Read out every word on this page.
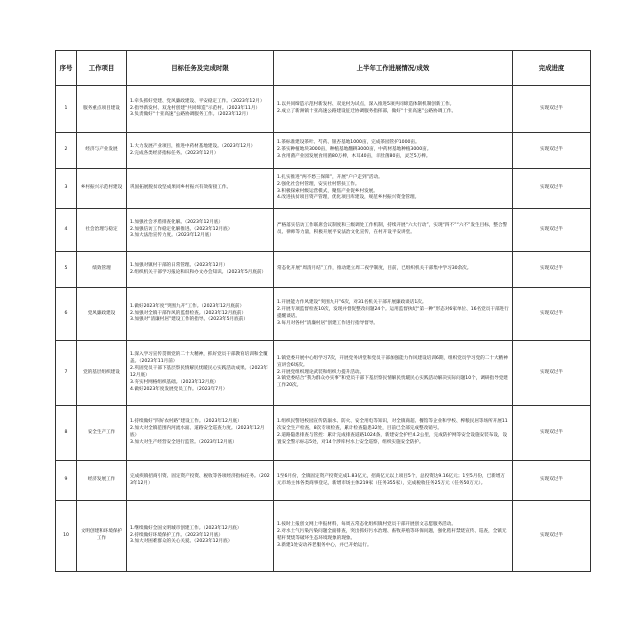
序号	工作项目	目标任务及完成时限	上半年工作进展情况/成效	完成进度
1	服务重点项目建设	1.牵头抓好党建、党风廉政建设、平安稳定工作。（2023年12月）
2.指导新发村、双龙村创建“共同缔造”示范村。（2023年11月）
3.负责做好“十亚高速”公路协调服务工作。（2023年12月）	1.以共同缔造示范村新发村、双龙村为试点，深入推进5项共同缔造体制机制创新工作。
2.成立了新洲镇十亚高速公路建设征迁协调服务指挥部，做好“十亚高速”公路协调工作。	实现双过半
2	经济与产业发展	1.大力发展产业项目，推进中药材基地建设。（2023年12月）
2.完成各类经济指标任务。（2023年12月）	1.茶标准建设茶叶、芍药、银杏基地1000亩，完成茶园管护1000亩。
2.茶实种植地块3000亩，种植基地翻耕3000亩，中药材基地种植3000亩。
3.食用菌产业园发展食用菌80万棒，木耳40亩，羊肚菌80亩，灵芝5万棒。	实现双过半
3	乡村振兴示范村建设	巩固拓展脱贫攻坚成果同乡村振兴有效衔接工作。	1.扎实推进“两不愁三保障”，开展“户户走到”活动。
2.强化社会村管理，安实社村帮扶工作。
3.积极探索村级运营模式，聚焦产业促乡村发展。
4.改进扶贫项目资产管理，优化项目库建设，规范乡村振兴资金管理。	实现双过半
4	社会治理与稳定	1.加强社会矛盾排查化解。（2023年12月底）
2.加强信访工作稳定化解推进。（2023年12月底）
3.加大法治宣传力度。（2023年12月底）	严格落实信访工作联席会议制度和三级调处工作机制，持续开展“六大行动”，实现“四不”“六不”发生目标，整合警员、律师等力量，积极开展平安法治文化宣传，在村开设平安讲堂。	实现双过半
5	绩效管理	1.加强对镇村干部的日常管理。（2023年12月）
2.组织机关干部学习报论和识和办文办会知识。（2023年5月底前）	常态化开展“周清月结”工作，推动建立周二夜学制度，目前，已组织机关干部集中学习30余次。	实现双过半
6	党风廉政建设	1.做好2023年度“突围九开”工作。（2023年12月底前）
2.加强对全镇干部作风的监督检查。（2023年12月底前）
3.加强对“清廉村居”建设工作的指导。（2023年5月底前）	1.开展能力作风建设“突围九开”6次，对31名机关干部开展廉政谈话1次。
2.开展专项监督检查10次，发现并督促整改问题24个。运用监督执纪“第一种”形态对6家单位、16名党员干部进行提醒谈话。
3.每月对各村“清廉村居”创建工作进行指导督导。	实现双过半
7	党的基层组织建设	1.深入学习宣传贯彻党的二十大精神，抓好党员干部教育培训和全覆盖。（2023年11月前）
2.巩固党员干部下基层察民情解民忧暖民心实践活动成果。（2023年12月底）
3.夯实村网格组织基础。（2023年12月底）
4.做好2023年度发展党员工作。（2023年7月）	1.镇党委开展中心组学习7次，开展党务讲堂和党员干部加强能力作风建设培训6期，组织党员学习党的二十大精神宣讲会6场次。
2.开展党组织理论武装和组织力提升活动。
3.镇党委结合“我为群众办实事”和党员干部下基层察民情解民忧暖民心实践活动解决实际问题10个，调研指导党建工作20次。	实现双过半
8	安全生产工作	1.持续做好“四好农村路”建设工作。（2023年12月底）
2.加大对全镇范围内河流水面、道路安全巡查力度。（2023年12月底）
3.加大对生产经营安全进行监管。（2023年12月底）	1.组织民警进校园宣传防溺水、防火、安全用电等知识，对全镇商超、餐馆等企业和学校、榨粮民居等场所开展11次安全生产检查，8次专项检查，累计检查隐患32处，目前已全部完成整改销号。
2.道路隐患排查与管控：累计完成排查道路1024条，新建安全护栏4.2公里，完成防护网等安全设施安装布设，设置安全警示标志5处，对14个涉库村水上安全巡察，组织实施安全防护。	实现双过半
9	经济发展工作	完成疾镇招商引资、固定资产投资、税收等各项经济指标任务。（2023年12月）	1至6月份，全镇固定资产投资完成1.83亿元，招商亿元以上项目5个，总投资达9.16亿元；1至5月份，已新增万元市场主体各类商事登记，新增市场主体219家（任务355家），完成税收任务25万元（任务50万元）。	实现双过半
10	文明创建和环境保护工作	1.继续做好全国文明城市创建工作。（2023年12月底）
2.持续做好环境保护工作。（2023年12月底）
3.加大对困难群众的关心关爱。（2023年12月底）	1.按时上报创文网上申报材料，每周五常态化组织镇村党员干部开展创文志愿服务活动。
2.对水土气污染污染问题全面排查，突出抓好污水治理、畜牧养殖等环保问题，强化秸秆禁烧宣传、巡查，全镇无秸秆焚烧等破坏生态环境现象的现象。
3.新建1处安动养老服务中心，并已开始运行。	实现双过半
